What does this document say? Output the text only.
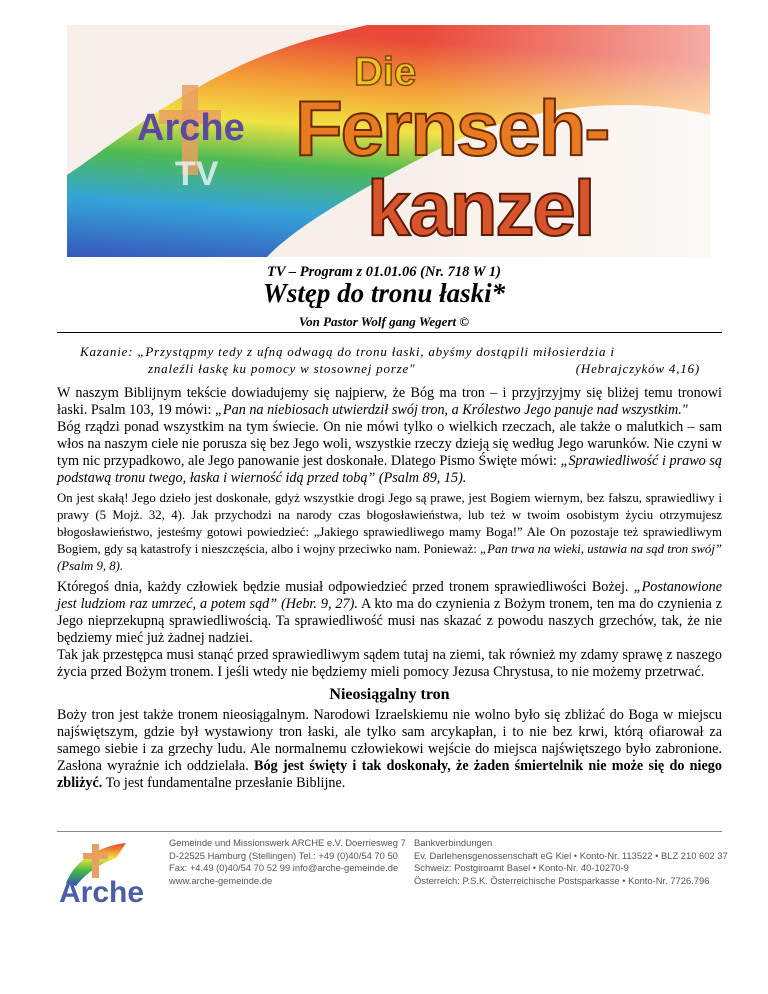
Arche
TV
Die
Fernseh-
kanzel
TV – Program z 01.01.06 (Nr. 718 W 1)
Wstęp do tronu łaski*
Von Pastor Wolf gang Wegert ©
Kazanie: „Przystąpmy tedy z ufną odwagą do tronu łaski, abyśmy dostąpili miłosierdzia i
znaleźli łaskę ku pomocy w stosownej porze"	(Hebrajczyków 4,16)

W naszym Biblijnym tekście dowiadujemy się najpierw, że Bóg ma tron – i przyjrzyjmy się bliżej temu tronowi łaski. Psalm 103, 19 mówi: „Pan na niebiosach utwierdził swój tron, a Królestwo Jego panuje nad wszystkim."

Bóg rządzi ponad wszystkim na tym świecie. On nie mówi tylko o wielkich rzeczach, ale także o malutkich – sam włos na naszym ciele nie porusza się bez Jego woli, wszystkie rzeczy dzieją się według Jego warunków. Nie czyni w tym nic przypadkowo, ale Jego panowanie jest doskonałe. Dlatego Pismo Święte mówi: „Sprawiedliwość i prawo są podstawą tronu twego, łaska i wierność idą przed tobą” (Psalm 89, 15).

On jest skałą! Jego dzieło jest doskonałe, gdyż wszystkie drogi Jego są prawe, jest Bogiem wiernym, bez fałszu, sprawiedliwy i prawy (5 Mojż. 32, 4). Jak przychodzi na narody czas błogosławieństwa, lub też w twoim osobistym życiu otrzymujesz błogosławieństwo, jesteśmy gotowi powiedzieć: „Jakiego sprawiedliwego mamy Boga!” Ale On pozostaje też sprawiedliwym Bogiem, gdy są katastrofy i nieszczęścia, albo i wojny przeciwko nam. Ponieważ: „Pan trwa na wieki, ustawia na sąd tron swój” (Psalm 9, 8).

Któregoś dnia, każdy człowiek będzie musiał odpowiedzieć przed tronem sprawiedliwości Bożej. „Postanowione jest ludziom raz umrzeć, a potem sąd” (Hebr. 9, 27). A kto ma do czynienia z Bożym tronem, ten ma do czynienia z Jego nieprzekupną sprawiedliwością. Ta sprawiedliwość musi nas skazać z powodu naszych grzechów, tak, że nie będziemy mieć już żadnej nadziei.

Tak jak przestępca musi stanąć przed sprawiedliwym sądem tutaj na ziemi, tak również my zdamy sprawę z naszego życia przed Bożym tronem. I jeśli wtedy nie będziemy mieli pomocy Jezusa Chrystusa, to nie możemy przetrwać.

Nieosiągalny tron

Boży tron jest także tronem nieosiągalnym. Narodowi Izraelskiemu nie wolno było się zbliżać do Boga w miejscu najświętszym, gdzie był wystawiony tron łaski, ale tylko sam arcykapłan, i to nie bez krwi, którą ofiarował za samego siebie i za grzechy ludu. Ale normalnemu człowiekowi wejście do miejsca najświętszego było zabronione. Zasłona wyraźnie ich oddzielała. Bóg jest święty i tak doskonały, że żaden śmiertelnik nie może się do niego zbliżyć. To jest fundamentalne przesłanie Biblijne.

Arche
Gemeinde und Missionswerk ARCHE e.V. Doerriesweg 7
D-22525 Hamburg (Stellingen) Tel.: +49 (0)40/54 70 50
Fax: +4.49 (0)40/54 70 52 99 info@arche-gemeinde.de
www.arche-gemeinde.de
Bankverbindungen
Ev. Darlehensgenossenschaft eG Kiel • Konto-Nr. 113522 • BLZ 210 602 37
Schweiz: Postgiroamt Basel • Konto-Nr. 40-10270-9
Österreich: P.S.K. Österreichische Postsparkasse • Konto-Nr. 7726.796
